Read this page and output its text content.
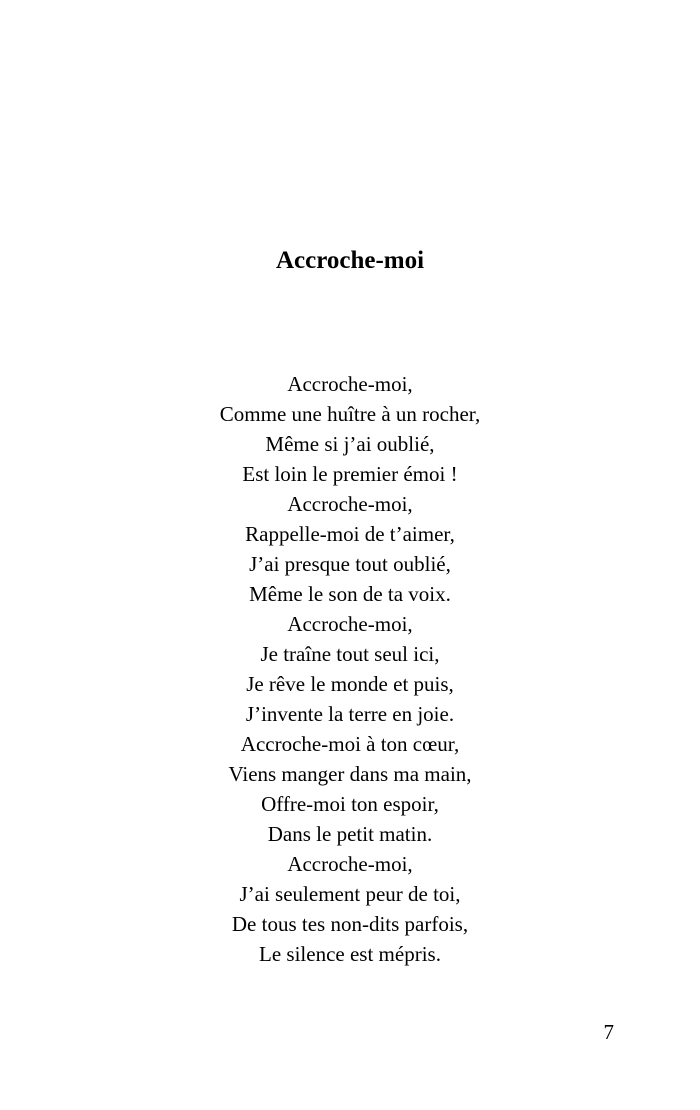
Accroche-moi
Accroche-moi,
Comme une huître à un rocher,
Même si j’ai oublié,
Est loin le premier émoi !
Accroche-moi,
Rappelle-moi de t’aimer,
J’ai presque tout oublié,
Même le son de ta voix.
Accroche-moi,
Je traîne tout seul ici,
Je rêve le monde et puis,
J’invente la terre en joie.
Accroche-moi à ton cœur,
Viens manger dans ma main,
Offre-moi ton espoir,
Dans le petit matin.
Accroche-moi,
J’ai seulement peur de toi,
De tous tes non-dits parfois,
Le silence est mépris.
7
